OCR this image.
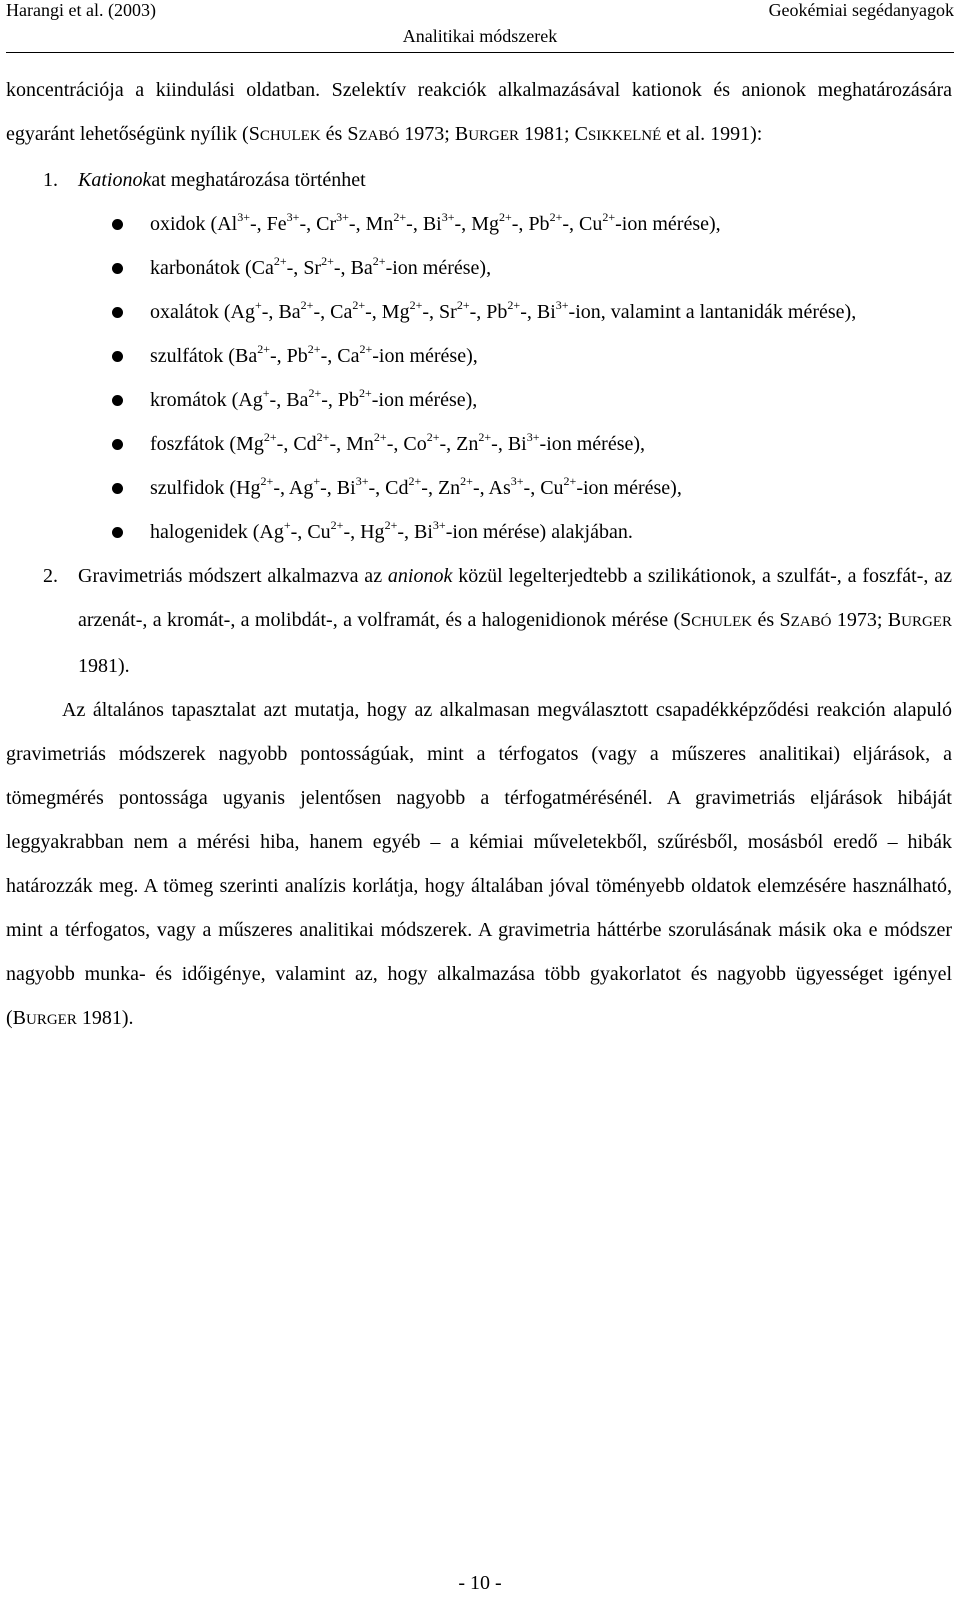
Harangi et al. (2003)	Geokémiai segédanyagok
Analitikai módszerek
koncentrációja a kiindulási oldatban. Szelektív reakciók alkalmazásával kationok és anionok meghatározására egyaránt lehetőségünk nyílik (SCHULEK és SZABÓ 1973; BURGER 1981; CSIKKELNÉ et al. 1991):
1. Kationokat meghatározása történhet
oxidok ($Al^{3+}-$, $Fe^{3+}-$, $Cr^{3+}-$, $Mn^{2+}-$, $Bi^{3+}-$, $Mg^{2+}-$, $Pb^{2+}-$, $Cu^{2+}$-ion mérése),
karbonátok ($Ca^{2+}-$, $Sr^{2+}-$, $Ba^{2+}$-ion mérése),
oxalátok (Ag+-, $Ba^{2+}-$, $Ca^{2+}-$, $Mg^{2+}-$, $Sr^{2+}-$, $Pb^{2+}-$, $Bi^{3+}$-ion, valamint a lantanidák mérése),
szulfátok ($Ba^{2+}-$, $Pb^{2+}-$, $Ca^{2+}$-ion mérése),
kromátok (Ag+-, $Ba^{2+}-$, $Pb^{2+}$-ion mérése),
foszfátok ($Mg^{2+}-$, $Cd^{2+}-$, $Mn^{2+}-$, $Co^{2+}-$, $Zn^{2+}-$, $Bi^{3+}$-ion mérése),
szulfidok ($Hg^{2+}-$, Ag+-, $Bi^{3+}-$, $Cd^{2+}-$, $Zn^{2+}-$, $As^{3+}-$, $Cu^{2+}$-ion mérése),
halogenidek (Ag+-, $Cu^{2+}-$, $Hg^{2+}-$, $Bi^{3+}$-ion mérése) alakjában.
2. Gravimetriás módszert alkalmazva az anionok közül legelterjedtebb a szilikátionok, a szulfát-, a foszfát-, az arzenát-, a kromát-, a molibdát-, a volframát, és a halogenidionok mérése (SCHULEK és SZABÓ 1973; BURGER 1981).
Az általános tapasztalat azt mutatja, hogy az alkalmasan megválasztott csapadékképződési reakción alapuló gravimetriás módszerek nagyobb pontosságúak, mint a térfogatos (vagy a műszeres analitikai) eljárások, a tömegmérés pontossága ugyanis jelentősen nagyobb a térfogatmérésénél. A gravimetriás eljárások hibáját leggyakrabban nem a mérési hiba, hanem egyéb – a kémiai műveletekből, szűrésből, mosásból eredő – hibák határozzák meg. A tömeg szerinti analízis korlátja, hogy általában jóval töményebb oldatok elemzésére használható, mint a térfogatos, vagy a műszeres analitikai módszerek. A gravimetria háttérbe szorulásának másik oka e módszer nagyobb munka- és időigénye, valamint az, hogy alkalmazása több gyakorlatot és nagyobb ügyességet igényel (BURGER 1981).
- 10 -
